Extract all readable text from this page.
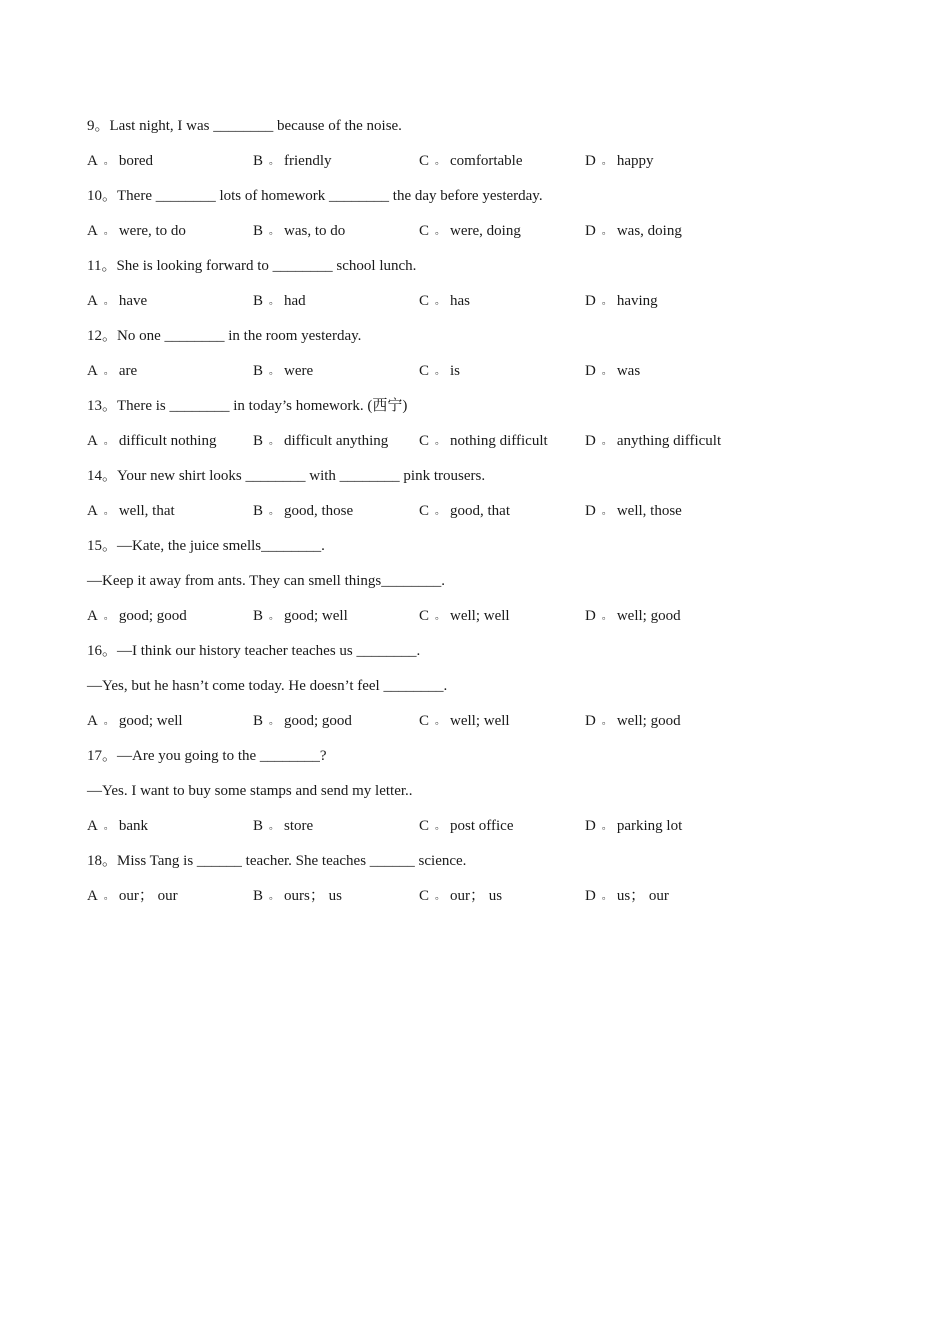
9。Last night, I was ________ because of the noise.
A 。 bored	B 。 friendly	C 。 comfortable	D 。 happy
10。There ________ lots of homework ________ the day before yesterday.
A 。 were, to do	B 。 was, to do	C 。 were, doing	D 。 was, doing
11。She is looking forward to ________ school lunch.
A 。 have	B 。 had	C 。 has	D 。 having
12。No one ________ in the room yesterday.
A 。 are	B 。 were	C 。 is	D 。 was
13。There is ________ in today’s homework. (西宁)
A 。 difficult nothing	B 。 difficult anything	C 。 nothing difficult	D 。 anything difficult
14。Your new shirt looks ________ with ________ pink trousers.
A 。 well, that	B 。 good, those	C 。 good, that	D 。 well, those
15。—Kate, the juice smells________.
—Keep it away from ants. They can smell things________.
A 。 good; good	B 。 good; well	C 。 well; well	D 。 well; good
16。—I think our history teacher teaches us ________.
—Yes, but he hasn’t come today. He doesn’t feel ________.
A 。 good; well	B 。 good; good	C 。 well; well	D 。 well; good
17。—Are you going to the ________?
—Yes. I want to buy some stamps and send my letter..
A 。 bank	B 。 store	C 。 post office	D 。 parking lot
18。Miss Tang is ______ teacher. She teaches ______ science.
A 。 our； our	B 。 ours； us	C 。 our； us	D 。 us； our
